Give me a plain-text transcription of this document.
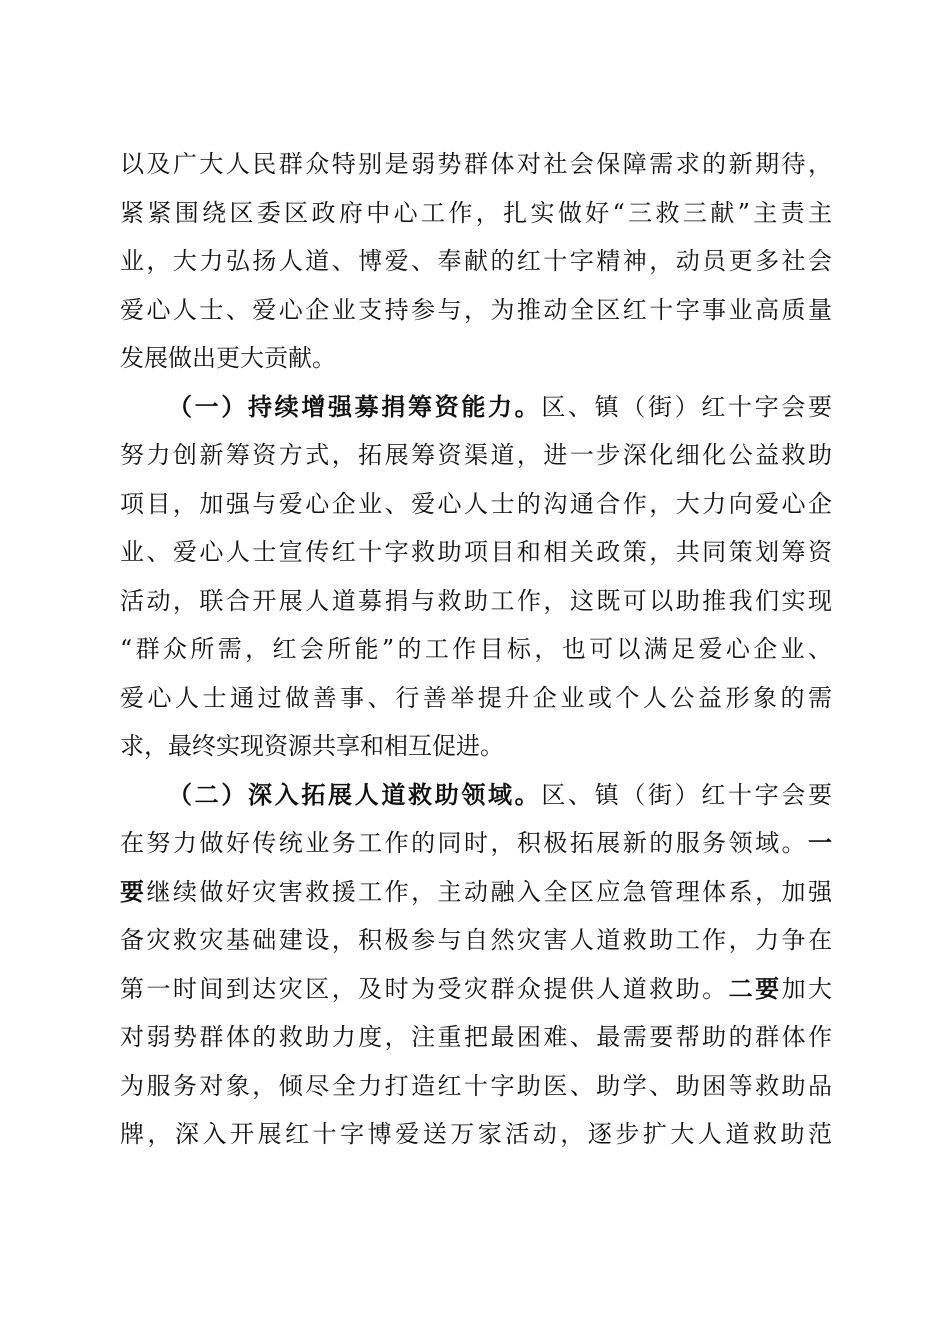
以及广大人民群众特别是弱势群体对社会保障需求的新期待，
紧紧围绕区委区政府中心工作，扎实做好“三救三献”主责主
业，大力弘扬人道、博爱、奉献的红十字精神，动员更多社会
爱心人士、爱心企业支持参与，为推动全区红十字事业高质量
发展做出更大贡献。
（一）持续增强募捐筹资能力。区、镇（街）红十字会要
努力创新筹资方式，拓展筹资渠道，进一步深化细化公益救助
项目，加强与爱心企业、爱心人士的沟通合作，大力向爱心企
业、爱心人士宣传红十字救助项目和相关政策，共同策划筹资
活动，联合开展人道募捐与救助工作，这既可以助推我们实现
“群众所需，红会所能”的工作目标，也可以满足爱心企业、
爱心人士通过做善事、行善举提升企业或个人公益形象的需
求，最终实现资源共享和相互促进。
（二）深入拓展人道救助领域。区、镇（街）红十字会要
在努力做好传统业务工作的同时，积极拓展新的服务领域。一
要继续做好灾害救援工作，主动融入全区应急管理体系，加强
备灾救灾基础建设，积极参与自然灾害人道救助工作，力争在
第一时间到达灾区，及时为受灾群众提供人道救助。二要加大
对弱势群体的救助力度，注重把最困难、最需要帮助的群体作
为服务对象，倾尽全力打造红十字助医、助学、助困等救助品
牌，深入开展红十字博爱送万家活动，逐步扩大人道救助范
